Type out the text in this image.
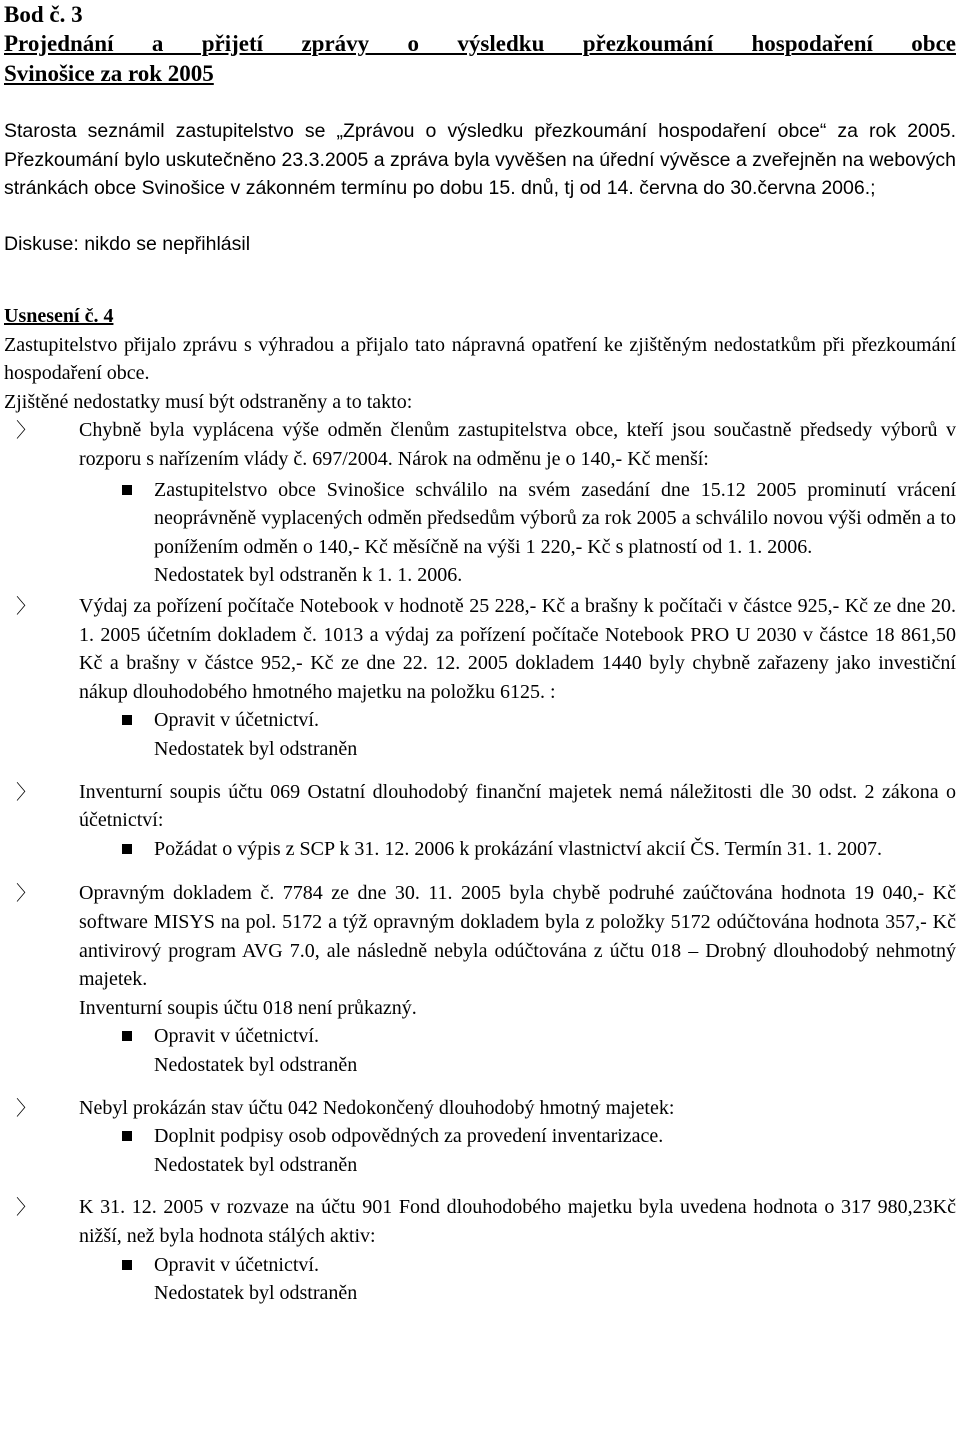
Bod č. 3

Projednání a přijetí zprávy o výsledku přezkoumání hospodaření obce

Svinošice za rok 2005

Starosta seznámil zastupitelstvo se „Zprávou o výsledku přezkoumání hospodaření obce“ za rok 2005. Přezkoumání bylo uskutečněno 23.3.2005 a zpráva byla vyvěšen na úřední vývěsce a zveřejněn na webových stránkách obce Svinošice v zákonném termínu po dobu 15. dnů, tj od 14. června do 30.června 2006.;

Diskuse: nikdo se nepřihlásil

Usnesení č. 4

Zastupitelstvo přijalo zprávu s výhradou a přijalo tato nápravná opatření ke zjištěným nedostatkům při přezkoumání hospodaření obce.

Zjištěné nedostatky musí být odstraněny a to takto:

〉 Chybně byla vyplácena výše odměn členům zastupitelstva obce, kteří jsou součastně předsedy výborů v rozporu s nařízením vlády č. 697/2004. Nárok na odměnu je o 140,- Kč menší:

Zastupitelstvo obce Svinošice schválilo na svém zasedání dne 15.12 2005 prominutí vrácení neoprávněně vyplacených odměn předsedům výborů za rok 2005 a schválilo novou výši odměn a to ponížením odměn o 140,- Kč měsíčně na výši 1 220,- Kč s platností od 1. 1. 2006.

Nedostatek byl odstraněn k 1. 1. 2006.

〉 Výdaj za pořízení počítače Notebook v hodnotě 25 228,- Kč a brašny k počítači v částce 925,- Kč ze dne 20. 1. 2005 účetním dokladem č. 1013 a výdaj za pořízení počítače Notebook PRO U 2030 v částce 18 861,50 Kč a brašny v částce 952,- Kč ze dne 22. 12. 2005 dokladem 1440 byly chybně zařazeny jako investiční nákup dlouhodobého hmotného majetku na položku 6125. :

Opravit v účetnictví.

Nedostatek byl odstraněn

〉 Inventurní soupis účtu 069 Ostatní dlouhodobý finanční majetek nemá náležitosti dle 30 odst. 2 zákona o účetnictví:

Požádat o výpis z SCP k 31. 12. 2006 k prokázání vlastnictví akcií ČS. Termín 31. 1. 2007.

〉 Opravným dokladem č. 7784 ze dne 30. 11. 2005 byla chybě podruhé zaúčtována hodnota 19 040,- Kč software MISYS na pol. 5172 a týž opravným dokladem byla z položky 5172 odúčtována hodnota 357,- Kč antivirový program AVG 7.0, ale následně nebyla odúčtována z účtu 018 – Drobný dlouhodobý nehmotný majetek.

Inventurní soupis účtu 018 není průkazný.

Opravit v účetnictví.

Nedostatek byl odstraněn

〉 Nebyl prokázán stav účtu 042 Nedokončený dlouhodobý hmotný majetek:

Doplnit podpisy osob odpovědných za provedení inventarizace.

Nedostatek byl odstraněn

〉 K 31. 12. 2005 v rozvaze na účtu 901 Fond dlouhodobého majetku byla uvedena hodnota o 317 980,23Kč nižší, než byla hodnota stálých aktiv:

Opravit v účetnictví.

Nedostatek byl odstraněn
